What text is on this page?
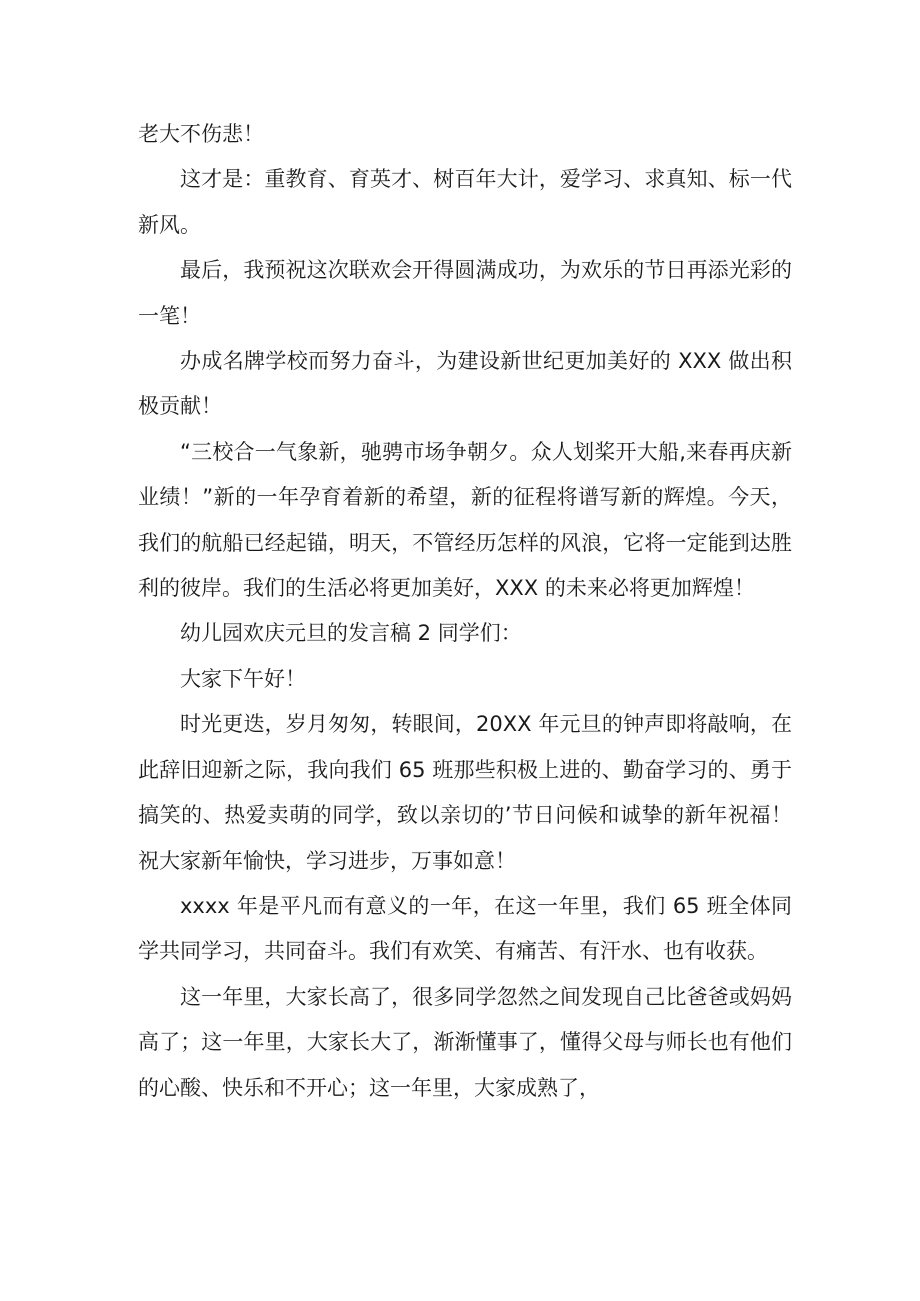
老大不伤悲！

这才是：重教育、育英才、树百年大计，爱学习、求真知、标一代新风。

最后，我预祝这次联欢会开得圆满成功，为欢乐的节日再添光彩的一笔！

办成名牌学校而努力奋斗，为建设新世纪更加美好的 XXX 做出积极贡献！

“三校合一气象新，驰骋市场争朝夕。众人划桨开大船,来春再庆新业绩！”新的一年孕育着新的希望，新的征程将谱写新的辉煌。今天，我们的航船已经起锚，明天，不管经历怎样的风浪，它将一定能到达胜利的彼岸。我们的生活必将更加美好，XXX 的未来必将更加辉煌！

幼儿园欢庆元旦的发言稿 2 同学们：

大家下午好！

时光更迭，岁月匆匆，转眼间，20XX 年元旦的钟声即将敲响，在此辞旧迎新之际，我向我们 65 班那些积极上进的、勤奋学习的、勇于搞笑的、热爱卖萌的同学，致以亲切的’节日问候和诚挚的新年祝福！祝大家新年愉快，学习进步，万事如意！

xxxx 年是平凡而有意义的一年，在这一年里，我们 65 班全体同学共同学习，共同奋斗。我们有欢笑、有痛苦、有汗水、也有收获。

这一年里，大家长高了，很多同学忽然之间发现自己比爸爸或妈妈高了；这一年里，大家长大了，渐渐懂事了，懂得父母与师长也有他们的心酸、快乐和不开心；这一年里，大家成熟了，
